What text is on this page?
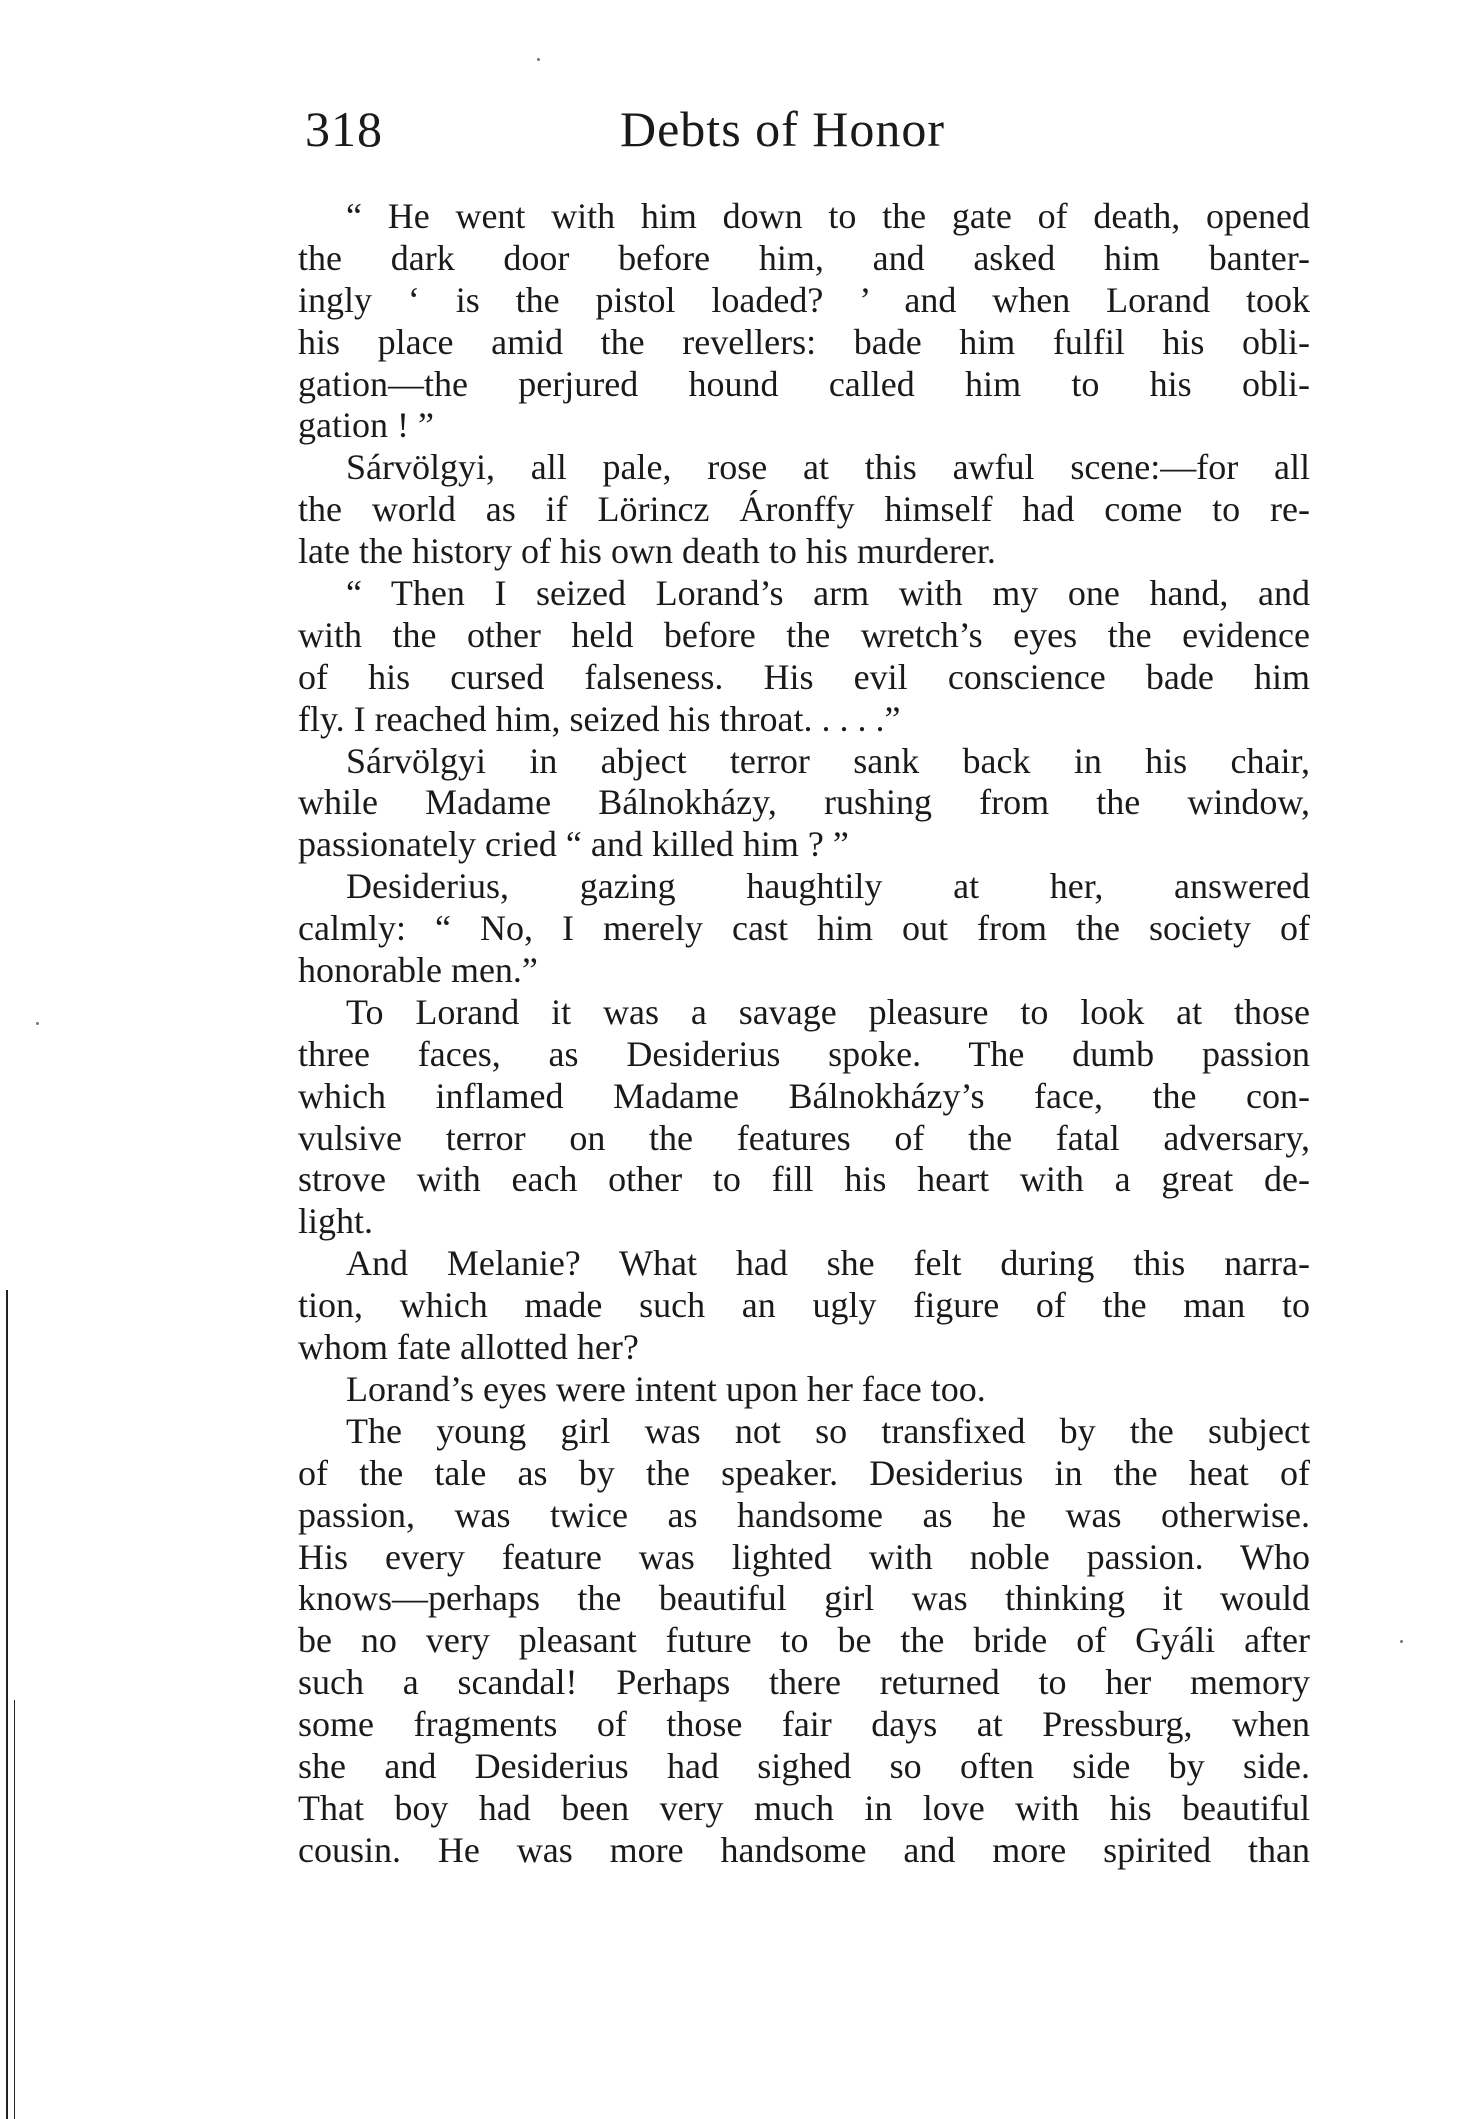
318	Debts of Honor
“ He went with him down to the gate of death, opened
the dark door before him, and asked him banter-
ingly ‘ is the pistol loaded? ’ and when Lorand took
his place amid the revellers: bade him fulfil his obli-
gation—the perjured hound called him to his obli-
gation ! ”
Sárvölgyi, all pale, rose at this awful scene:—for all
the world as if Lörincz Áronffy himself had come to re-
late the history of his own death to his murderer.
“ Then I seized Lorand’s arm with my one hand, and
with the other held before the wretch’s eyes the evidence
of his cursed falseness. His evil conscience bade him
fly. I reached him, seized his throat. . . . .”
Sárvölgyi in abject terror sank back in his chair,
while Madame Bálnokházy, rushing from the window,
passionately cried “ and killed him ? ”
Desiderius, gazing haughtily at her, answered
calmly: “ No, I merely cast him out from the society of
honorable men.”
To Lorand it was a savage pleasure to look at those
three faces, as Desiderius spoke. The dumb passion
which inflamed Madame Bálnokházy’s face, the con-
vulsive terror on the features of the fatal adversary,
strove with each other to fill his heart with a great de-
light.
And Melanie? What had she felt during this narra-
tion, which made such an ugly figure of the man to
whom fate allotted her?
Lorand’s eyes were intent upon her face too.
The young girl was not so transfixed by the subject
of the tale as by the speaker. Desiderius in the heat of
passion, was twice as handsome as he was otherwise.
His every feature was lighted with noble passion. Who
knows—perhaps the beautiful girl was thinking it would
be no very pleasant future to be the bride of Gyáli after
such a scandal! Perhaps there returned to her memory
some fragments of those fair days at Pressburg, when
she and Desiderius had sighed so often side by side.
That boy had been very much in love with his beautiful
cousin. He was more handsome and more spirited than
